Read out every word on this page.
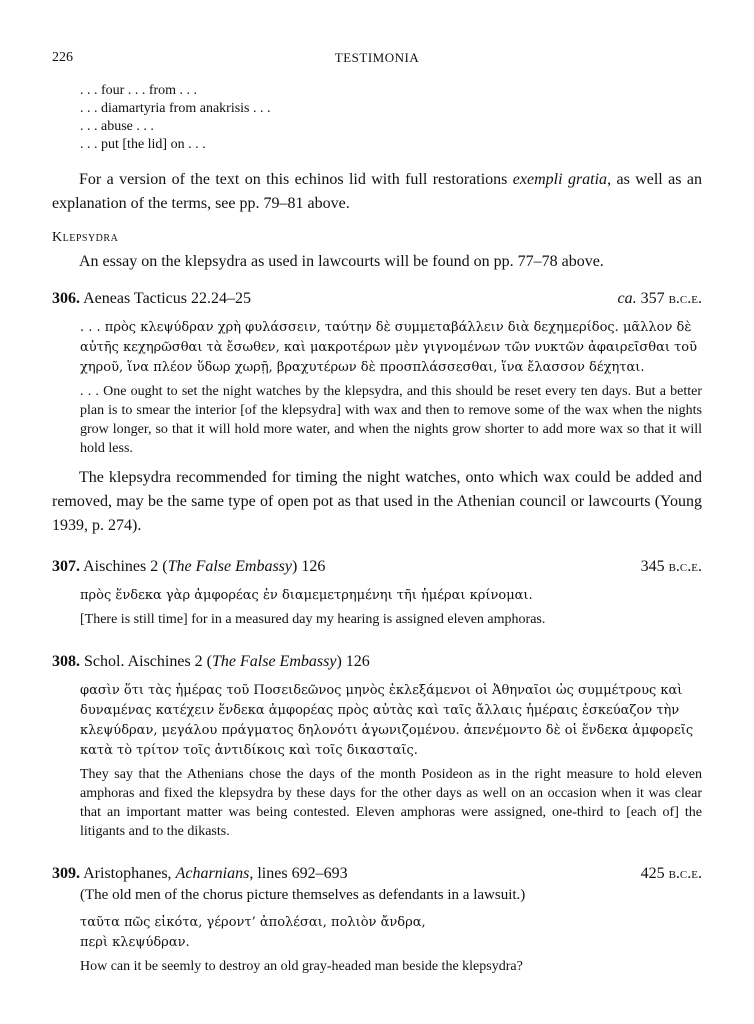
226	TESTIMONIA
. . . four . . . from . . .
. . . diamartyria from anakrisis . . .
. . . abuse . . .
. . . put [the lid] on . . .

For a version of the text on this echinos lid with full restorations exempli gratia, as well as an explanation of the terms, see pp. 79–81 above.

Klepsydra

An essay on the klepsydra as used in lawcourts will be found on pp. 77–78 above.

306. Aeneas Tacticus 22.24–25	ca. 357 b.c.e.
. . . πρὸς κλεψύδραν χρὴ φυλάσσειν, ταύτην δὲ συμμεταβάλλειν διὰ δεχημερίδος. μᾶλλον δὲ
αὐτῆς κεχηρῶσθαι τὰ ἔσωθεν, καὶ μακροτέρων μὲν γιγνομένων τῶν νυκτῶν ἀφαιρεῖσθαι τοῦ
χηροῦ, ἵνα πλέον ὕδωρ χωρῇ, βραχυτέρων δὲ προσπλάσσεσθαι, ἵνα ἔλασσον δέχηται.
. . . One ought to set the night watches by the klepsydra, and this should be reset every ten days. But a better plan is to smear the interior [of the klepsydra] with wax and then to remove some of the wax when the nights grow longer, so that it will hold more water, and when the nights grow shorter to add more wax so that it will hold less.

The klepsydra recommended for timing the night watches, onto which wax could be added and removed, may be the same type of open pot as that used in the Athenian council or lawcourts (Young 1939, p. 274).

307. Aischines 2 (The False Embassy) 126	345 b.c.e.
πρὸς ἕνδεκα γὰρ ἀμφορέας ἐν διαμεμετρημένηι τῆι ἡμέραι κρίνομαι.
[There is still time] for in a measured day my hearing is assigned eleven amphoras.
308. Schol. Aischines 2 (The False Embassy) 126
φασὶν ὅτι τὰς ἡμέρας τοῦ Ποσειδεῶνος μηνὸς ἐκλεξάμενοι οἱ Ἀθηναῖοι ὡς συμμέτρους καὶ
δυναμένας κατέχειν ἕνδεκα ἀμφορέας πρὸς αὐτὰς καὶ ταῖς ἄλλαις ἡμέραις ἐσκεύαζον τὴν
κλεψύδραν, μεγάλου πράγματος δηλονότι ἀγωνιζομένου. ἀπενέμοντο δὲ οἱ ἕνδεκα ἀμφορεῖς
κατὰ τὸ τρίτον τοῖς ἀντιδίκοις καὶ τοῖς δικασταῖς.
They say that the Athenians chose the days of the month Posideon as in the right measure to hold eleven amphoras and fixed the klepsydra by these days for the other days as well on an occasion when it was clear that an important matter was being contested. Eleven amphoras were assigned, one-third to [each of] the litigants and to the dikasts.
309. Aristophanes, Acharnians, lines 692–693	425 b.c.e.
(The old men of the chorus picture themselves as defendants in a lawsuit.)
ταῦτα πῶς εἰκότα, γέροντ’ ἀπολέσαι, πολιὸν ἄνδρα,
περὶ κλεψύδραν.
How can it be seemly to destroy an old gray-headed man beside the klepsydra?
